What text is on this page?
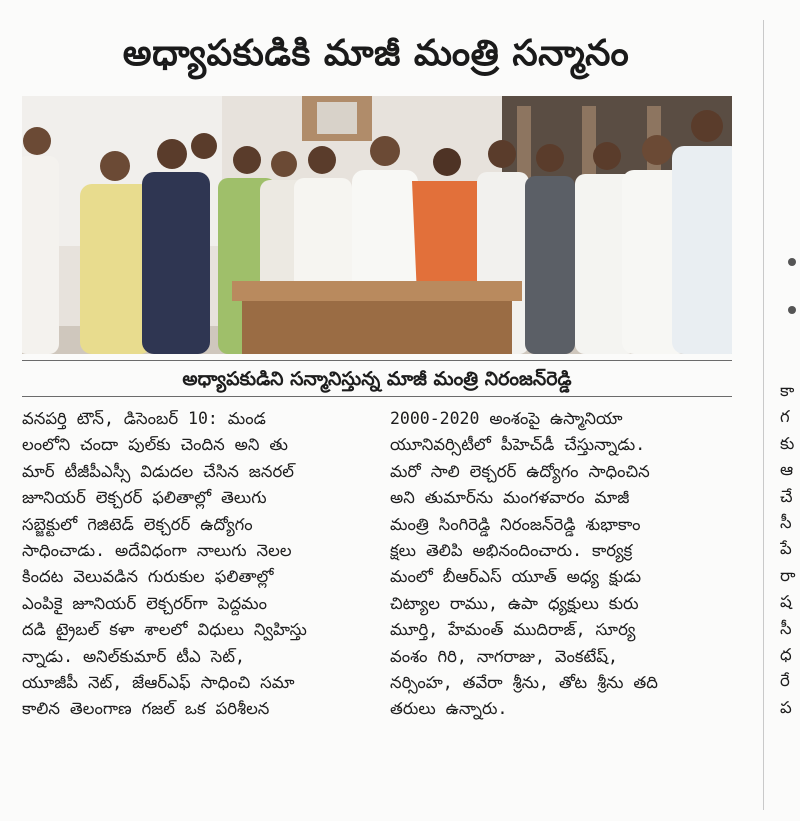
అధ్యాపకుడికి మాజీ మంత్రి సన్మానం
అధ్యాపకుడిని సన్మానిస్తున్న మాజీ మంత్రి నిరంజన్‌రెడ్డి

వనపర్తి టౌన్‌, డిసెంబర్‌ 10: మండ

లంలోని చందా పుల్‌కు చెందిన అని తు

మార్‌ టీజీపీఎస్సీ విడుదల చేసిన జనరల్‌

జూనియర్‌ లెక్చరర్‌ ఫలితాల్లో తెలుగు

సబ్జెక్టులో గెజిటెడ్‌ లెక్చరర్‌ ఉద్యోగం

సాధించాడు. అదేవిధంగా నాలుగు నెలల

కిందట వెలువడిన గురుకుల ఫలితాల్లో

ఎంపికై జూనియర్‌ లెక్చరర్‌గా పెద్దమం

దడి ట్రైబల్‌ కళా శాలలో విధులు న్విహిస్తు

న్నాడు. అనిల్‌కుమార్‌ టీఎ సెట్‌,

యూజీపీ నెట్‌, జేఆర్‌ఎఫ్‌ సాధించి సమా

కాలిన తెలంగాణ గజల్‌ ఒక పరిశీలన

2000-2020 అంశంపై ఉస్మానియా

యూనివర్సిటీలో పీహెచ్‌డీ చేస్తున్నాడు.

మరో సాలి లెక్చరర్‌ ఉద్యోగం సాధించిన

అని తుమార్‌ను మంగళవారం మాజీ

మంత్రి సింగిరెడ్డి నిరంజన్‌రెడ్డి శుభాకాం

క్షలు తెలిపి అభినందించారు. కార్యక్ర

మంలో బీఆర్‌ఎస్‌ యూత్‌ అధ్య క్షుడు

చిట్యాల రాము, ఉపా ధ్యక్షులు కురు

మూర్తి, హేమంత్‌ ముదిరాజ్‌, సూర్య

వంశం గిరి, నాగరాజు, వెంకటేష్‌,

నర్సింహ, తవేరా శ్రీను, తోట శ్రీను తది

తరులు ఉన్నారు.

కా

గ

కు

ఆ

చే

సీ

పే

రా

ష

సీ

ధ

రే

ప
